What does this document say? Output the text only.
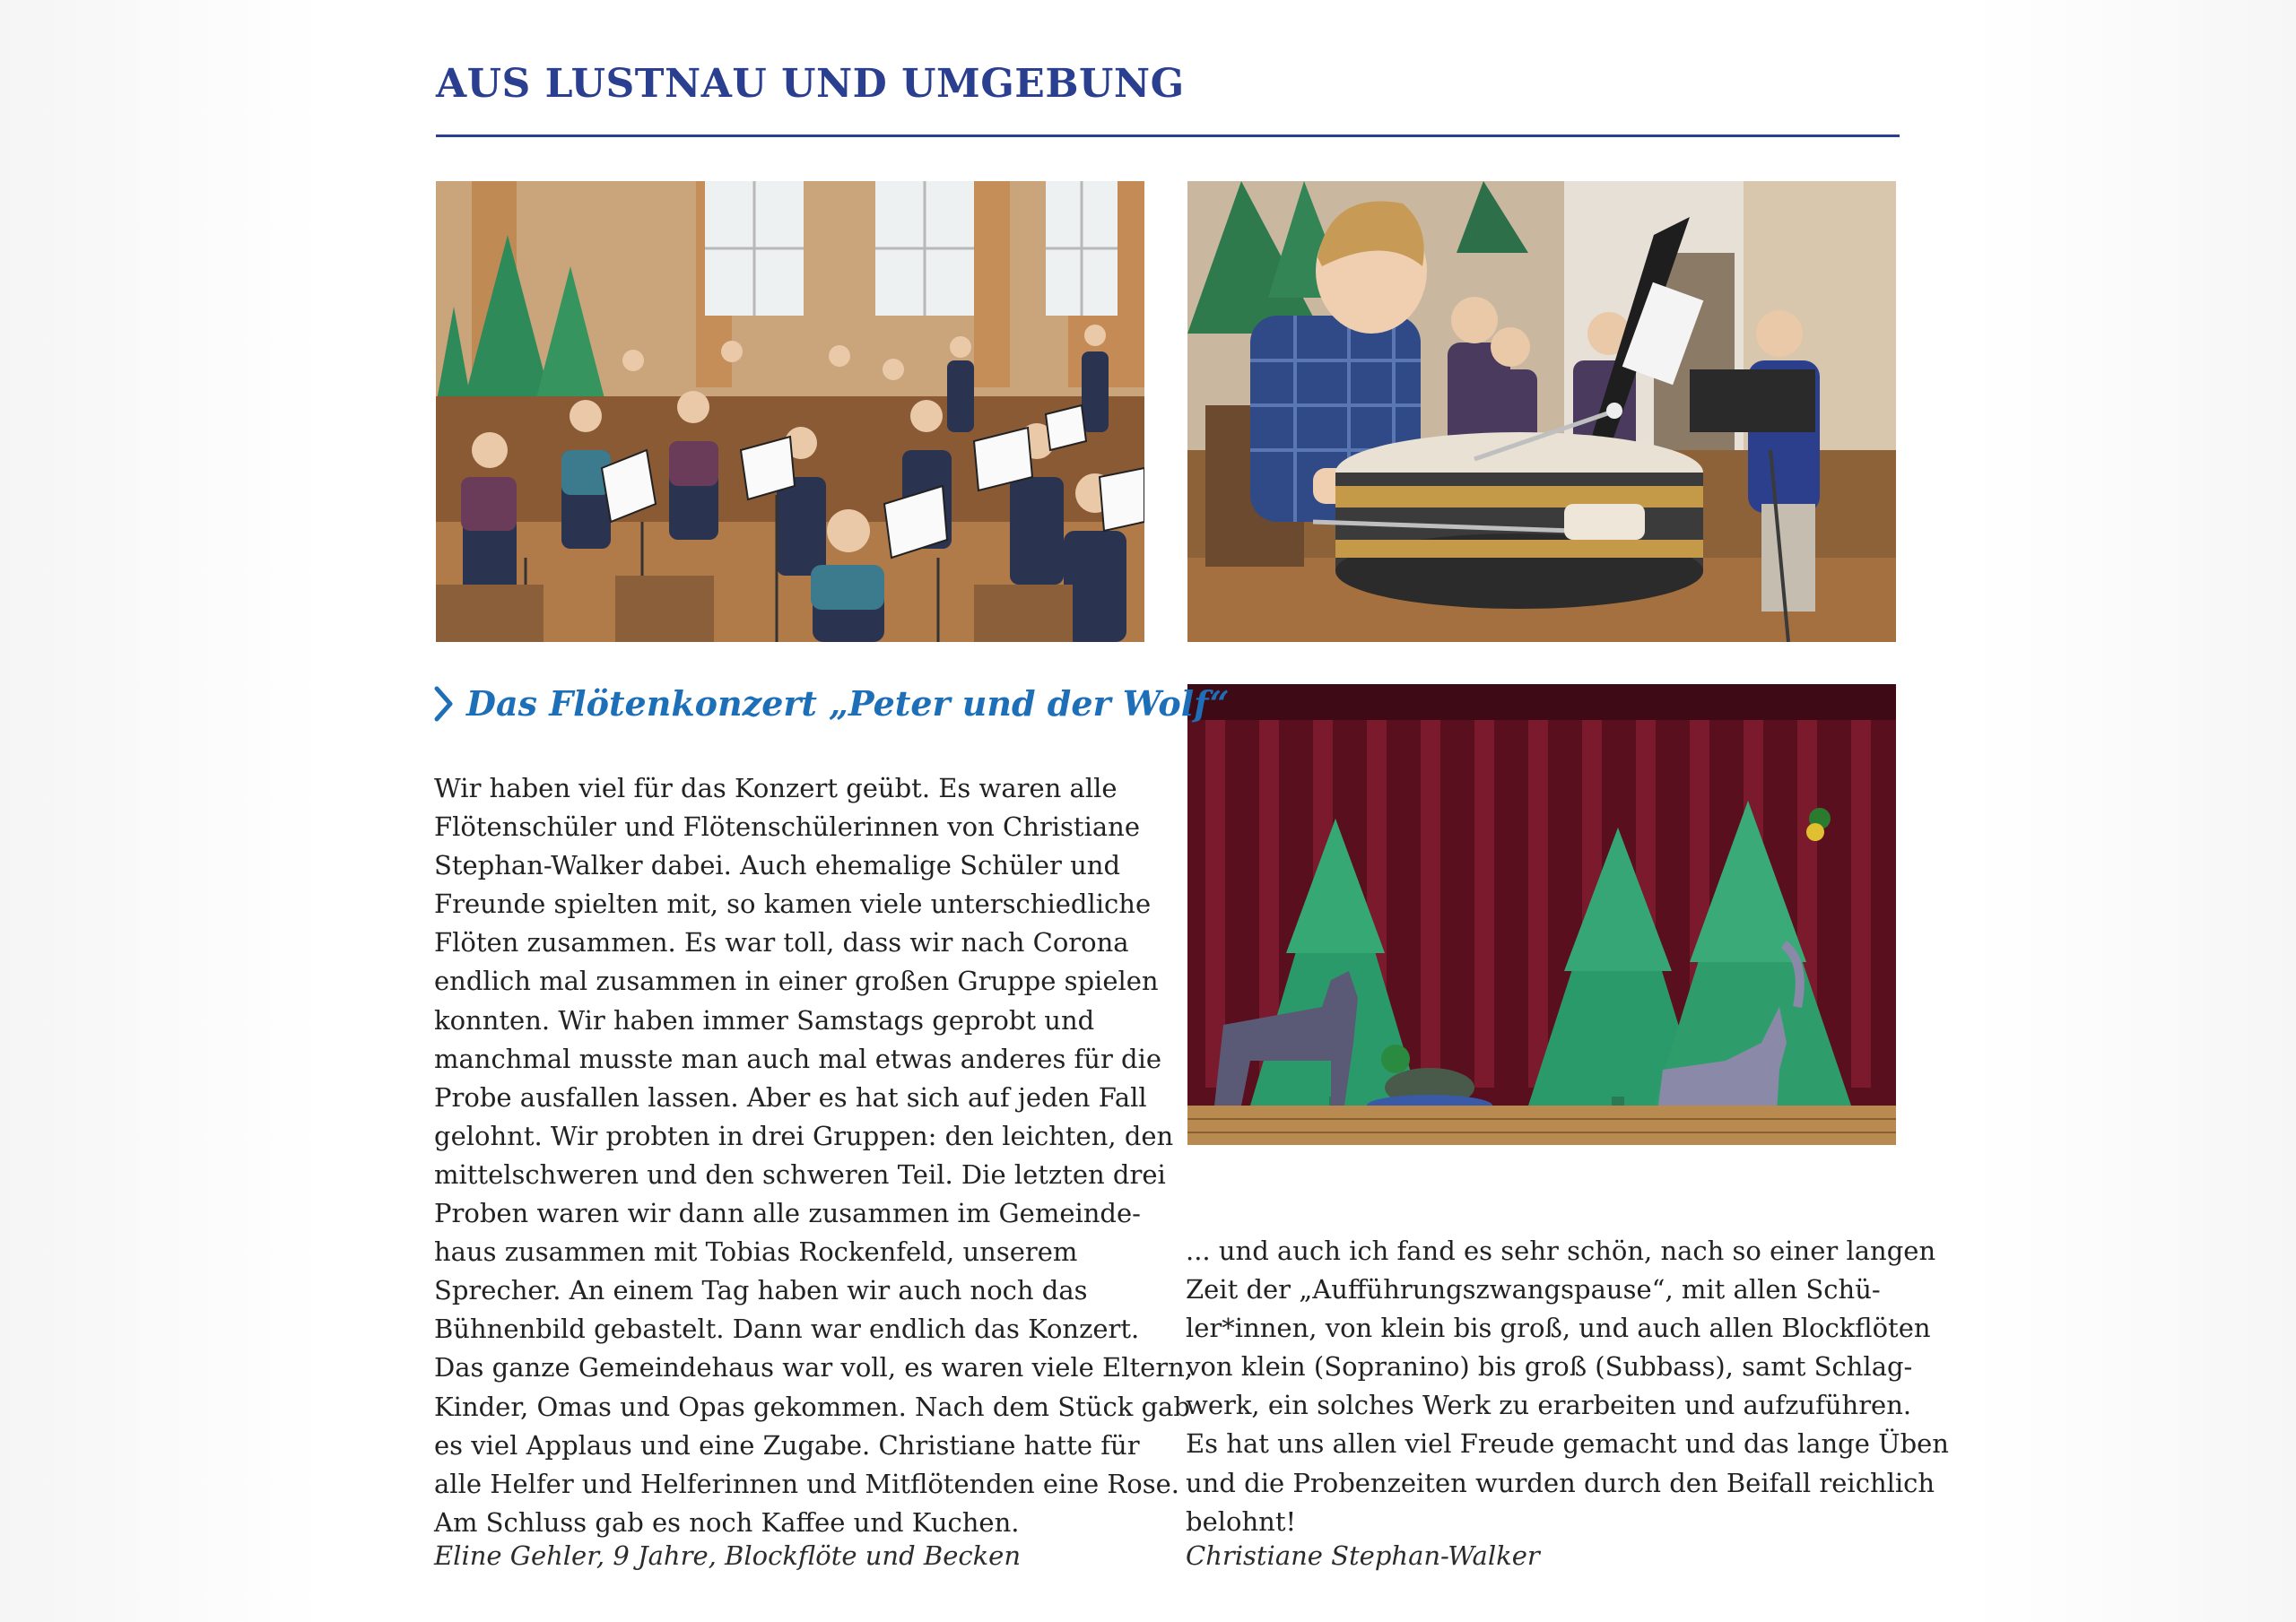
AUS LUSTNAU UND UMGEBUNG
Das Flötenkonzert „Peter und der Wolf“
Wir haben viel für das Konzert geübt. Es waren alle
Flötenschüler und Flötenschülerinnen von Christiane
Stephan-Walker dabei. Auch ehemalige Schüler und
Freunde spielten mit, so kamen viele unterschiedliche
Flöten zusammen. Es war toll, dass wir nach Corona
endlich mal zusammen in einer großen Gruppe spielen
konnten. Wir haben immer Samstags geprobt und
manchmal musste man auch mal etwas anderes für die
Probe ausfallen lassen. Aber es hat sich auf jeden Fall
gelohnt. Wir probten in drei Gruppen: den leichten, den
mittelschweren und den schweren Teil. Die letzten drei
Proben waren wir dann alle zusammen im Gemeinde-
haus zusammen mit Tobias Rockenfeld, unserem
Sprecher. An einem Tag haben wir auch noch das
Bühnenbild gebastelt. Dann war endlich das Konzert.
Das ganze Gemeindehaus war voll, es waren viele Eltern,
Kinder, Omas und Opas gekommen. Nach dem Stück gab
es viel Applaus und eine Zugabe. Christiane hatte für
alle Helfer und Helferinnen und Mitflötenden eine Rose.
Am Schluss gab es noch Kaffee und Kuchen.
Eline Gehler, 9 Jahre, Blockflöte und Becken
... und auch ich fand es sehr schön, nach so einer langen
Zeit der „Aufführungszwangspause“, mit allen Schü-
ler*innen, von klein bis groß, und auch allen Blockflöten
von klein (Sopranino) bis groß (Subbass), samt Schlag-
werk, ein solches Werk zu erarbeiten und aufzuführen.
Es hat uns allen viel Freude gemacht und das lange Üben
und die Probenzeiten wurden durch den Beifall reichlich
belohnt!
Christiane Stephan-Walker
